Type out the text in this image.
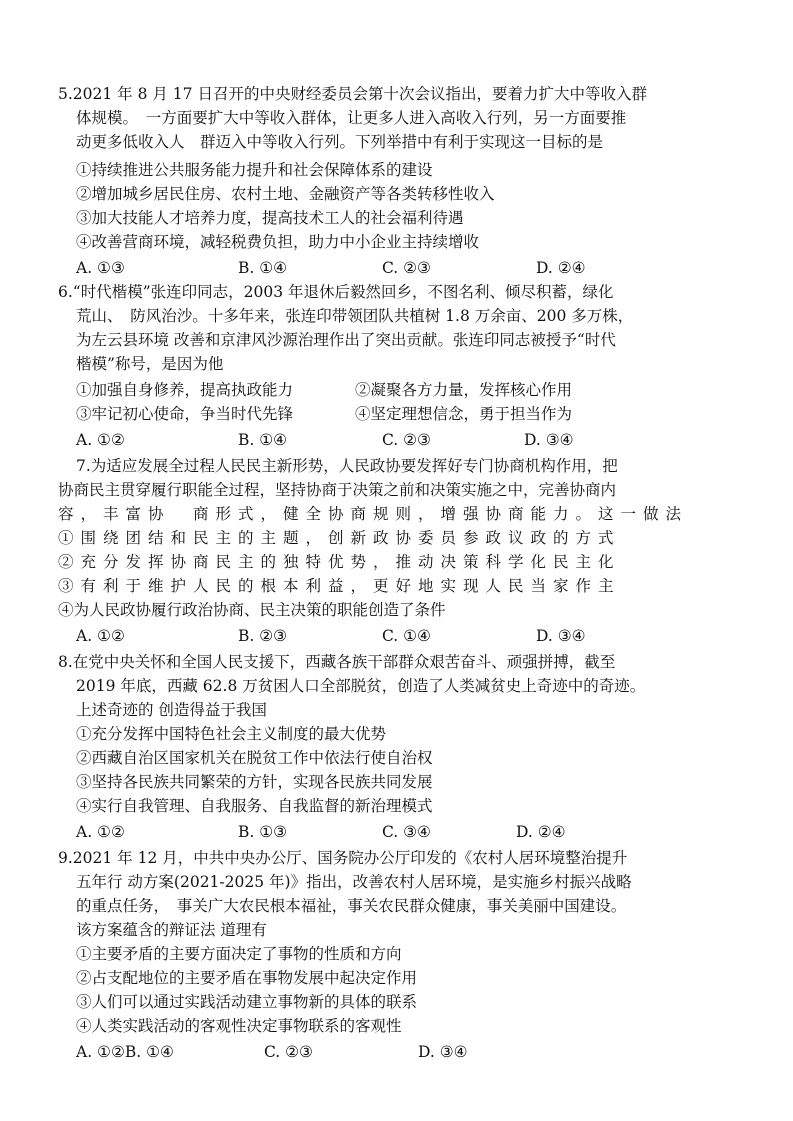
5.2021 年 8 月 17 日召开的中央财经委员会第十次会议指出，要着力扩大中等收入群
体规模。　一方面要扩大中等收入群体，让更多人进入高收入行列，另一方面要推
动更多低收入人　群迈入中等收入行列。下列举措中有利于实现这一目标的是
①持续推进公共服务能力提升和社会保障体系的建设
②增加城乡居民住房、农村土地、金融资产等各类转移性收入
③加大技能人才培养力度，提高技术工人的社会福利待遇
④改善营商环境，减轻税费负担，助力中小企业主持续增收
A. ①③	B. ①④	C. ②③	D. ②④
6.“时代楷模”张连印同志，2003 年退休后毅然回乡，不图名利、倾尽积蓄，绿化
荒山、　防风治沙。十多年来，张连印带领团队共植树 1.8 万余亩、200 多万株，
为左云县环境 改善和京津风沙源治理作出了突出贡献。张连印同志被授予“时代
楷模”称号，是因为他
①加强自身修养，提高执政能力　　　　②凝聚各方力量，发挥核心作用
③牢记初心使命，争当时代先锋　　　　④坚定理想信念，勇于担当作为
A. ①②	B. ①④	C. ②③	D. ③④
7.为适应发展全过程人民民主新形势，人民政协要发挥好专门协商机构作用，把
协商民主贯穿履行职能全过程，坚持协商于决策之前和决策实施之中，完善协商内
容，丰富协　商形式，健全协商规则，增强协商能力。这一做法
①围绕团结和民主的主题，创新政协委员参政议政的方式
②充分发挥协商民主的独特优势，推动决策科学化民主化
③有利于维护人民的根本利益，更好地实现人民当家作主
④为人民政协履行政治协商、民主决策的职能创造了条件
A. ①②	B. ②③	C. ①④	D. ③④
8.在党中央关怀和全国人民支援下，西藏各族干部群众艰苦奋斗、顽强拼搏，截至
2019 年底，西藏 62.8 万贫困人口全部脱贫，创造了人类减贫史上奇迹中的奇迹。
上述奇迹的 创造得益于我国
①充分发挥中国特色社会主义制度的最大优势
②西藏自治区国家机关在脱贫工作中依法行使自治权
③坚持各民族共同繁荣的方针，实现各民族共同发展
④实行自我管理、自我服务、自我监督的新治理模式
A. ①②	B. ①③	C. ③④	D. ②④
9.2021 年 12 月，中共中央办公厅、国务院办公厅印发的《农村人居环境整治提升
五年行 动方案(2021-2025 年)》指出，改善农村人居环境，是实施乡村振兴战略
的重点任务，　事关广大农民根本福祉，事关农民群众健康，事关美丽中国建设。
该方案蕴含的辩证法 道理有
①主要矛盾的主要方面决定了事物的性质和方向
②占支配地位的主要矛盾在事物发展中起决定作用
③人们可以通过实践活动建立事物新的具体的联系
④人类实践活动的客观性决定事物联系的客观性
A. ①②B. ①④	C. ②③	D. ③④
